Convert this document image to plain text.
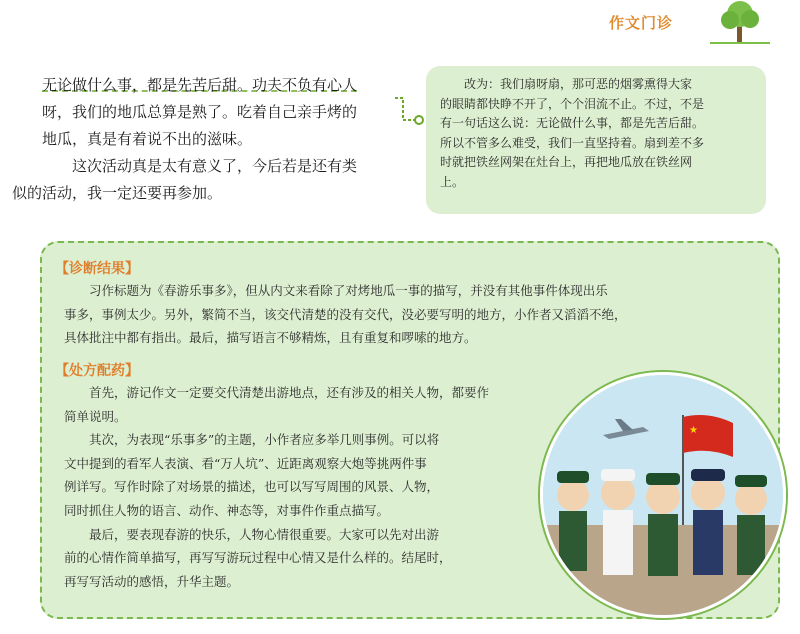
作文门诊

无论做什么事，都是先苦后甜。功夫不负有心人
呀，我们的地瓜总算是熟了。吃着自己亲手烤的
地瓜，真是有着说不出的滋味。

这次活动真是太有意义了，今后若是还有类
似的活动，我一定还要再参加。

改为：我们扇呀扇，那可恶的烟雾熏得大家
的眼睛都快睁不开了，个个泪流不止。不过，不是
有一句话这么说：无论做什么事，都是先苦后甜。
所以不管多么难受，我们一直坚持着。扇到差不多
时就把铁丝网架在灶台上，再把地瓜放在铁丝网
上。
【诊断结果】
习作标题为《春游乐事多》，但从内文来看除了对烤地瓜一事的描写，并没有其他事件体现出乐
事多，事例太少。另外，繁简不当，该交代清楚的没有交代，没必要写明的地方，小作者又滔滔不绝，
具体批注中都有指出。最后，描写语言不够精炼，且有重复和啰嗦的地方。
【处方配药】
首先，游记作文一定要交代清楚出游地点，还有涉及的相关人物，都要作
简单说明。
其次，为表现“乐事多”的主题，小作者应多举几则事例。可以将
文中提到的看军人表演、看“万人坑”、近距离观察大炮等挑两件事
例详写。写作时除了对场景的描述，也可以写写周围的风景、人物，
同时抓住人物的语言、动作、神态等，对事件作重点描写。
最后，要表现春游的快乐，人物心情很重要。大家可以先对出游
前的心情作简单描写，再写写游玩过程中心情又是什么样的。结尾时，
再写写活动的感悟，升华主题。
★
